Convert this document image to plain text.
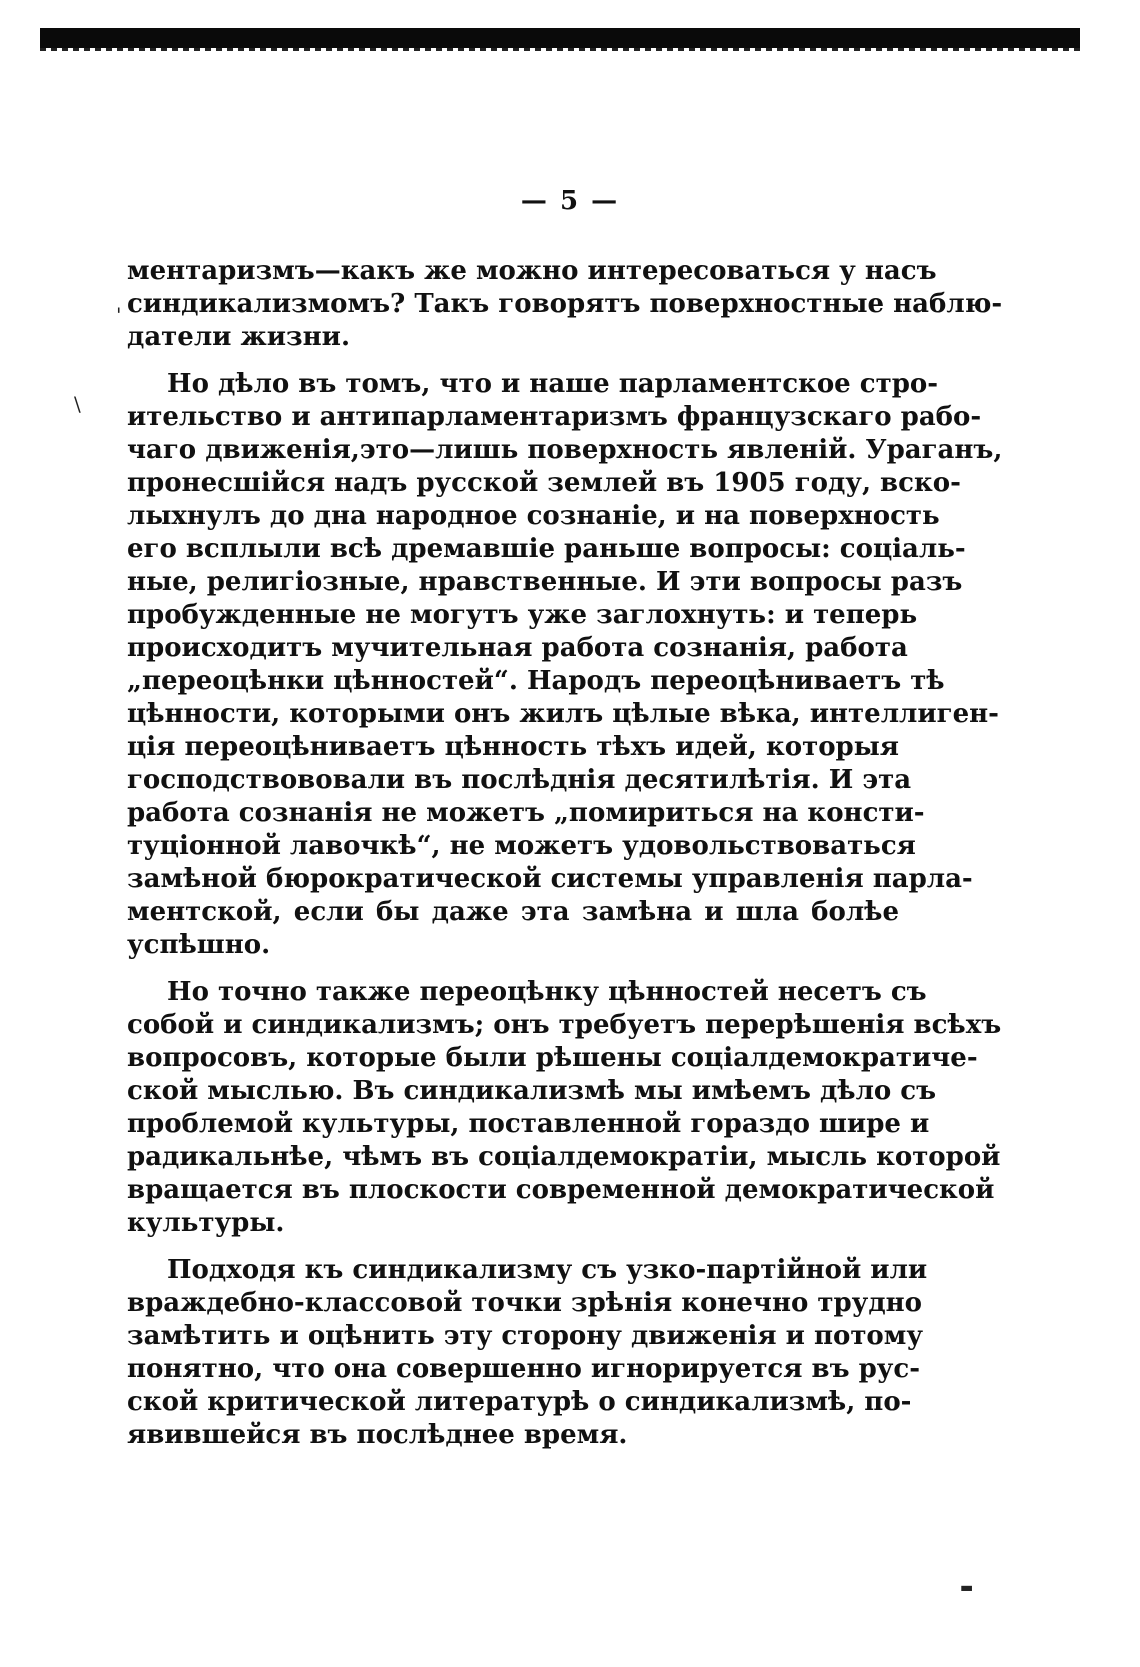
— 5 —
'
\
ментаризмъ—какъ же можно интересоваться у насъ
синдикализмомъ? Такъ говорятъ поверхностные наблю-
датели жизни.
Но дѣло въ томъ, что и наше парламентское стро-
ительство и антипарламентаризмъ французскаго рабо-
чаго движенія,это—лишь поверхность явленій. Ураганъ,
пронесшійся надъ русской землей въ 1905 году, вско-
лыхнулъ до дна народное сознаніе, и на поверхность
его всплыли всѣ дремавшіе раньше вопросы: соціаль-
ные, религіозные, нравственные. И эти вопросы разъ
пробужденные не могутъ уже заглохнуть: и теперь
происходитъ мучительная работа сознанія, работа
„переоцѣнки цѣнностей“. Народъ переоцѣниваетъ тѣ
цѣнности, которыми онъ жилъ цѣлые вѣка, интеллиген-
ція переоцѣниваетъ цѣнность тѣхъ идей, которыя
господствововали въ послѣднія десятилѣтія. И эта
работа сознанія не можетъ „помириться на консти-
туціонной лавочкѣ“, не можетъ удовольствоваться
замѣной бюрократической системы управленія парла-
ментской, если бы даже эта замѣна и шла болѣе
успѣшно.
Но точно также переоцѣнку цѣнностей несетъ съ
собой и синдикализмъ; онъ требуетъ перерѣшенія всѣхъ
вопросовъ, которые были рѣшены соціалдемократиче-
ской мыслью. Въ синдикализмѣ мы имѣемъ дѣло съ
проблемой культуры, поставленной гораздо шире и
радикальнѣе, чѣмъ въ соціалдемократіи, мысль которой
вращается въ плоскости современной демократической
культуры.
Подходя къ синдикализму съ узко-партійной или
враждебно-классовой точки зрѣнія конечно трудно
замѣтить и оцѣнить эту сторону движенія и потому
понятно, что она совершенно игнорируется въ рус-
ской критической литературѣ о синдикализмѣ, по-
явившейся въ послѣднее время.
▬
